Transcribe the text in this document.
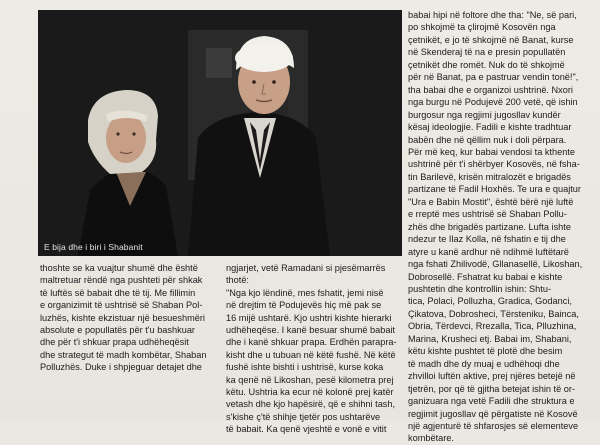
E bija dhe i biri i Shabanit
thoshte se ka vuajtur shumë dhe është
maltretuar rëndë nga pushteti për shkak
të luftës së babait dhe të tij. Me fillimin
e organizimit të ushtrisë së Shaban Pol-
luzhës, kishte ekzistuar një besueshmëri
absolute e popullatës për t'u bashkuar
dhe për t'i shkuar prapa udhëheqësit
dhe strategut të madh kombëtar, Shaban
Polluzhës. Duke i shpjeguar detajet dhe
ngjarjet, vetë Ramadani si pjesëmarrës
thotë:
"Nga kjo lëndinë, mes fshatit, jemi nisë
në drejtim të Podujevës hiç më pak se
16 mijë ushtarë. Kjo ushtri kishte hierarki
udhëheqëse. I kanë besuar shumë babait
dhe i kanë shkuar prapa. Erdhën parapra-
kisht dhe u tubuan në këtë fushë. Në këtë
fushë ishte bishti i ushtrisë, kurse koka
ka qenë në Likoshan, pesë kilometra prej
këtu. Ushtria ka ecur në kolonë prej katër
vetash dhe kjo hapësirë, që e shihni tash,
s'kishe ç'të shihje tjetër pos ushtarëve
të babait. Ka qenë vjeshtë e vonë e vitit
babai hipi në foltore dhe tha: "Ne, së pari,
po shkojmë ta çlirojmë Kosovën nga
çetnikët, e jo të shkojmë në Banat, kurse
në Skenderaj të na e presin popullatën
çetnikët dhe romët. Nuk do të shkojmë
për në Banat, pa e pastruar vendin tonë!",
tha babai dhe e organizoi ushtrinë. Nxori
nga burgu në Podujevë 200 vetë, që ishin
burgosur nga regjimi jugosllav kundër
kësaj ideologjie. Fadili e kishte tradhtuar
babën dhe në qëllim nuk i doli përpara.
Për më keq, kur babai vendosi ta kthente
ushtrinë për t'i shërbyer Kosovës, në fsha-
tin Barilevë, krisën mitralozët e brigadës
partizane të Fadil Hoxhës. Te ura e quajtur
"Ura e Babin Mostit", është bërë një luftë
e rreptë mes ushtrisë së Shaban Pollu-
zhës dhe brigadës partizane. Lufta ishte
ndezur te Ilaz Kolla, në fshatin e tij dhe
atyre u kanë ardhur në ndihmë luftëtarë
nga fshati Zhilivodë, Gllanasellë, Likoshan,
Dobrosellë. Fshatrat ku babai e kishte
pushtetin dhe kontrollin ishin: Shtu-
tica, Polaci, Polluzha, Gradica, Godanci,
Çikatova, Dobrosheci, Tërsteniku, Bainca,
Obria, Tërdevci, Rrezalla, Tica, Plluzhina,
Marina, Krusheci etj. Babai im, Shabani,
këtu kishte pushtet të plotë dhe besim
të madh dhe dy muaj e udhëhoqi dhe
zhvilloi luftën aktive, prej njëres betejë në
tjetrën, por që të gjitha betejat ishin të or-
ganizuara nga vetë Fadili dhe struktura e
regjimit jugosllav që përgatiste në Kosovë
një agjenturë të shfarosjes së elementeve
kombëtare.
